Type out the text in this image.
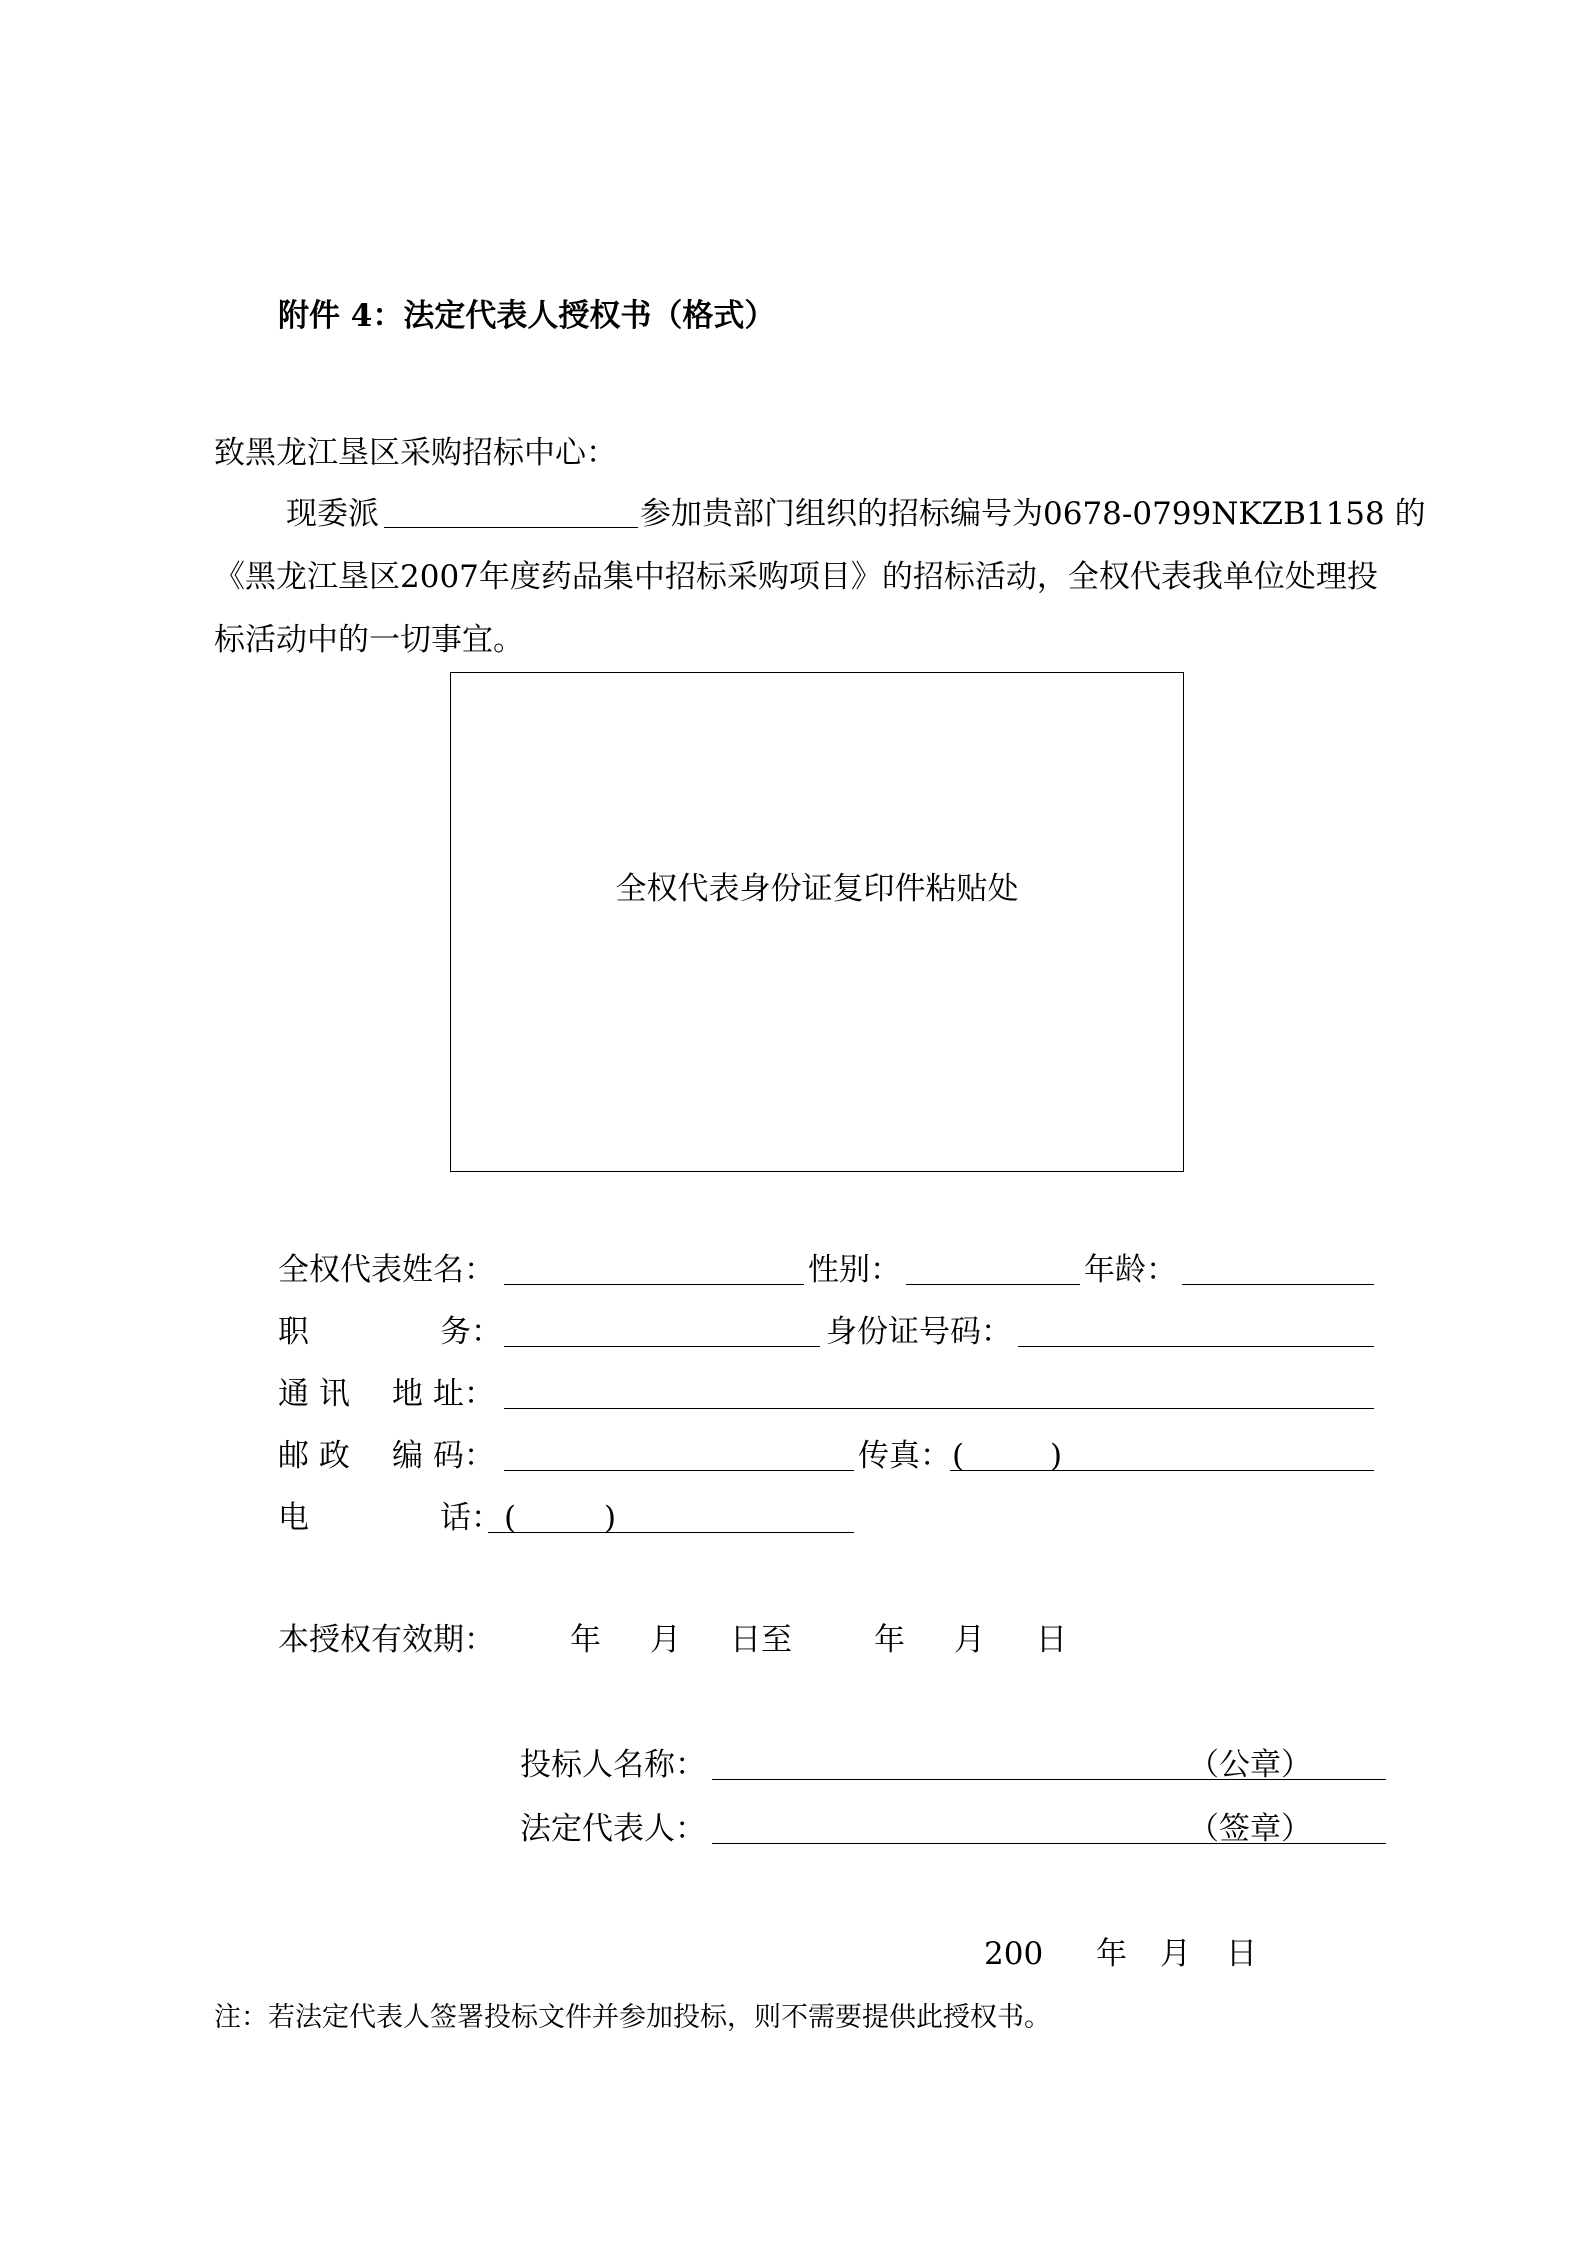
附件 4：法定代表人授权书（格式）
致黑龙江垦区采购招标中心：
现委派	参加贵部门组织的招标编号为0678-0799NKZB1158 的
《黑龙江垦区2007年度药品集中招标采购项目》的招标活动，全权代表我单位处理投
标活动中的一切事宜。
全权代表身份证复印件粘贴处
全权代表姓名：	性别：	年龄：
职	务：	身份证号码：
通 讯 地 址：
邮 政 编 码：	传真： (	)
电	话： (	)
本授权有效期： 年 月 日至	年 月 日
投标人名称：	（公章）
法定代表人：	（签章）
200 年 月 日
注：若法定代表人签署投标文件并参加投标，则不需要提供此授权书。
